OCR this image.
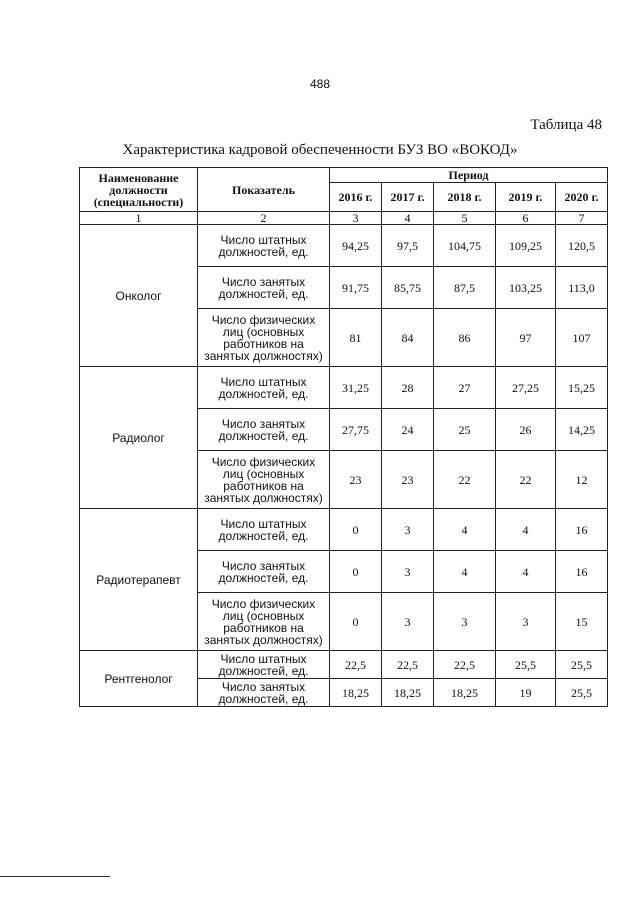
488
Таблица 48
Характеристика кадровой обеспеченности БУЗ ВО «ВОКОД»
Наименование должности (специальности)	Показатель	Период				
		2016 г.	2017 г.	2018 г.	2019 г.	2020 г.
1	2	3	4	5	6	7
Онколог	Число штатных должностей, ед.	94,25	97,5	104,75	109,25	120,5
	Число занятых должностей, ед.	91,75	85,75	87,5	103,25	113,0
	Число физических лиц (основных работников на занятых должностях)	81	84	86	97	107
Радиолог	Число штатных должностей, ед.	31,25	28	27	27,25	15,25
	Число занятых должностей, ед.	27,75	24	25	26	14,25
	Число физических лиц (основных работников на занятых должностях)	23	23	22	22	12
Радиотерапевт	Число штатных должностей, ед.	0	3	4	4	16
	Число занятых должностей, ед.	0	3	4	4	16
	Число физических лиц (основных работников на занятых должностях)	0	3	3	3	15
Рентгенолог	Число штатных должностей, ед.	22,5	22,5	22,5	25,5	25,5
	Число занятых должностей, ед.	18,25	18,25	18,25	19	25,5
